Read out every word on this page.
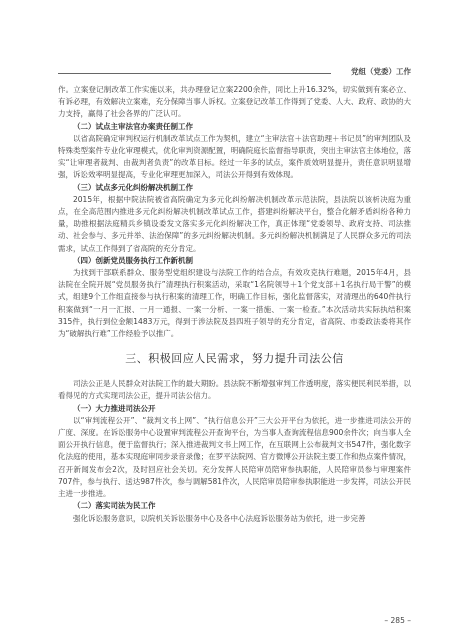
党组（党委）工作

作。立案登记制改革工作实施以来，共办理登记立案2200余件，同比上升16.32%，切实做到有案必立、有诉必理，有效解决立案难，充分保障当事人诉权。立案登记改革工作得到了党委、人大、政府、政协的大力支持，赢得了社会各界的广泛认可。

（二）试点主审法官办案责任制工作

以省高院确定审判权运行机制改革试点工作为契机，建立“主审法官＋法官助理＋书记员”的审判团队及特殊类型案件专业化审理模式，优化审判资源配置，明确院庭长监督指导职责，突出主审法官主体地位，落实“让审理者裁判、由裁判者负责”的改革目标。经过一年多的试点，案件质效明显提升，责任意识明显增强，诉讼效率明显提高，专业化审理更加深入，司法公开得到有效体现。

（三）试点多元化纠纷解决机制工作

2015年，根据中院法院被省高院确定为多元化纠纷解决机制改革示范法院，县法院以该析决庭为重点，在全高范围内推进多元化纠纷解决机制改革试点工作，搭建纠纷解决平台，整合化解矛盾纠纷各种力量，助推根据法庭精兵乡镇设委发文落实多元化纠纷解决工作，真正体现“党委领导、政府支持、司法推动、社会参与、多元并举、法治保障”的多元纠纷解决机制。多元纠纷解决机制满足了人民群众多元的司法需求，试点工作得到了省高院的充分肯定。

（四）创新党员服务执行工作新机制

为找到干部联系群众、服务型党组织建设与法院工作的结合点，有效攻克执行难题，2015年4月，县法院在全院开展“党员服务执行”清理执行积案活动，采取“1名院领导＋1个党支部＋1名执行局干警”的模式，组建9个工作组直接参与执行积案的清理工作，明确工作目标，强化监督落实，对清理出的640件执行积案做到“一月一汇报、一月一通报、一案一分析、一案一措施、一案一检查。”本次活动共实际执结积案315件，执行到位金额1483万元，得到于涉法院及县四班子领导的充分肯定，省高院、市委政法委将其作为“破解执行难”工作经验予以推广。

三、积极回应人民需求，努力提升司法公信

司法公正是人民群众对法院工作的最大期盼。县法院不断增强审判工作透明度，落实便民利民举措，以看得见的方式实现司法公正，提升司法公信力。

（一）大力推进司法公开

以“审判流程公开”、“裁判文书上网”、“执行信息公开”三大公开平台为依托，进一步推进司法公开的广度、深度。在诉讼服务中心设置审判流程公开查询平台，为当事人查询流程信息900余件次；向当事人全面公开执行信息，便于监督执行；深入推进裁判文书上网工作，在互联网上公布裁判文书547件，强化数字化法庭的使用，基本实现庭审同步录音录像；在罗平法院网、官方微博公开法院主要工作和热点案件情况，召开新闻发布会2次，及时回应社会关切。充分发挥人民陪审员陪审参执职能，人民陪审员参与审理案件707件，参与执行、送达987件次，参与调解581件次，人民陪审员陪审参执职能进一步发挥，司法公开民主进一步推进。

（二）落实司法为民工作

强化诉讼服务意识，以院机关诉讼服务中心及各中心法庭诉讼服务站为依托，进一步完善

– 285 –
